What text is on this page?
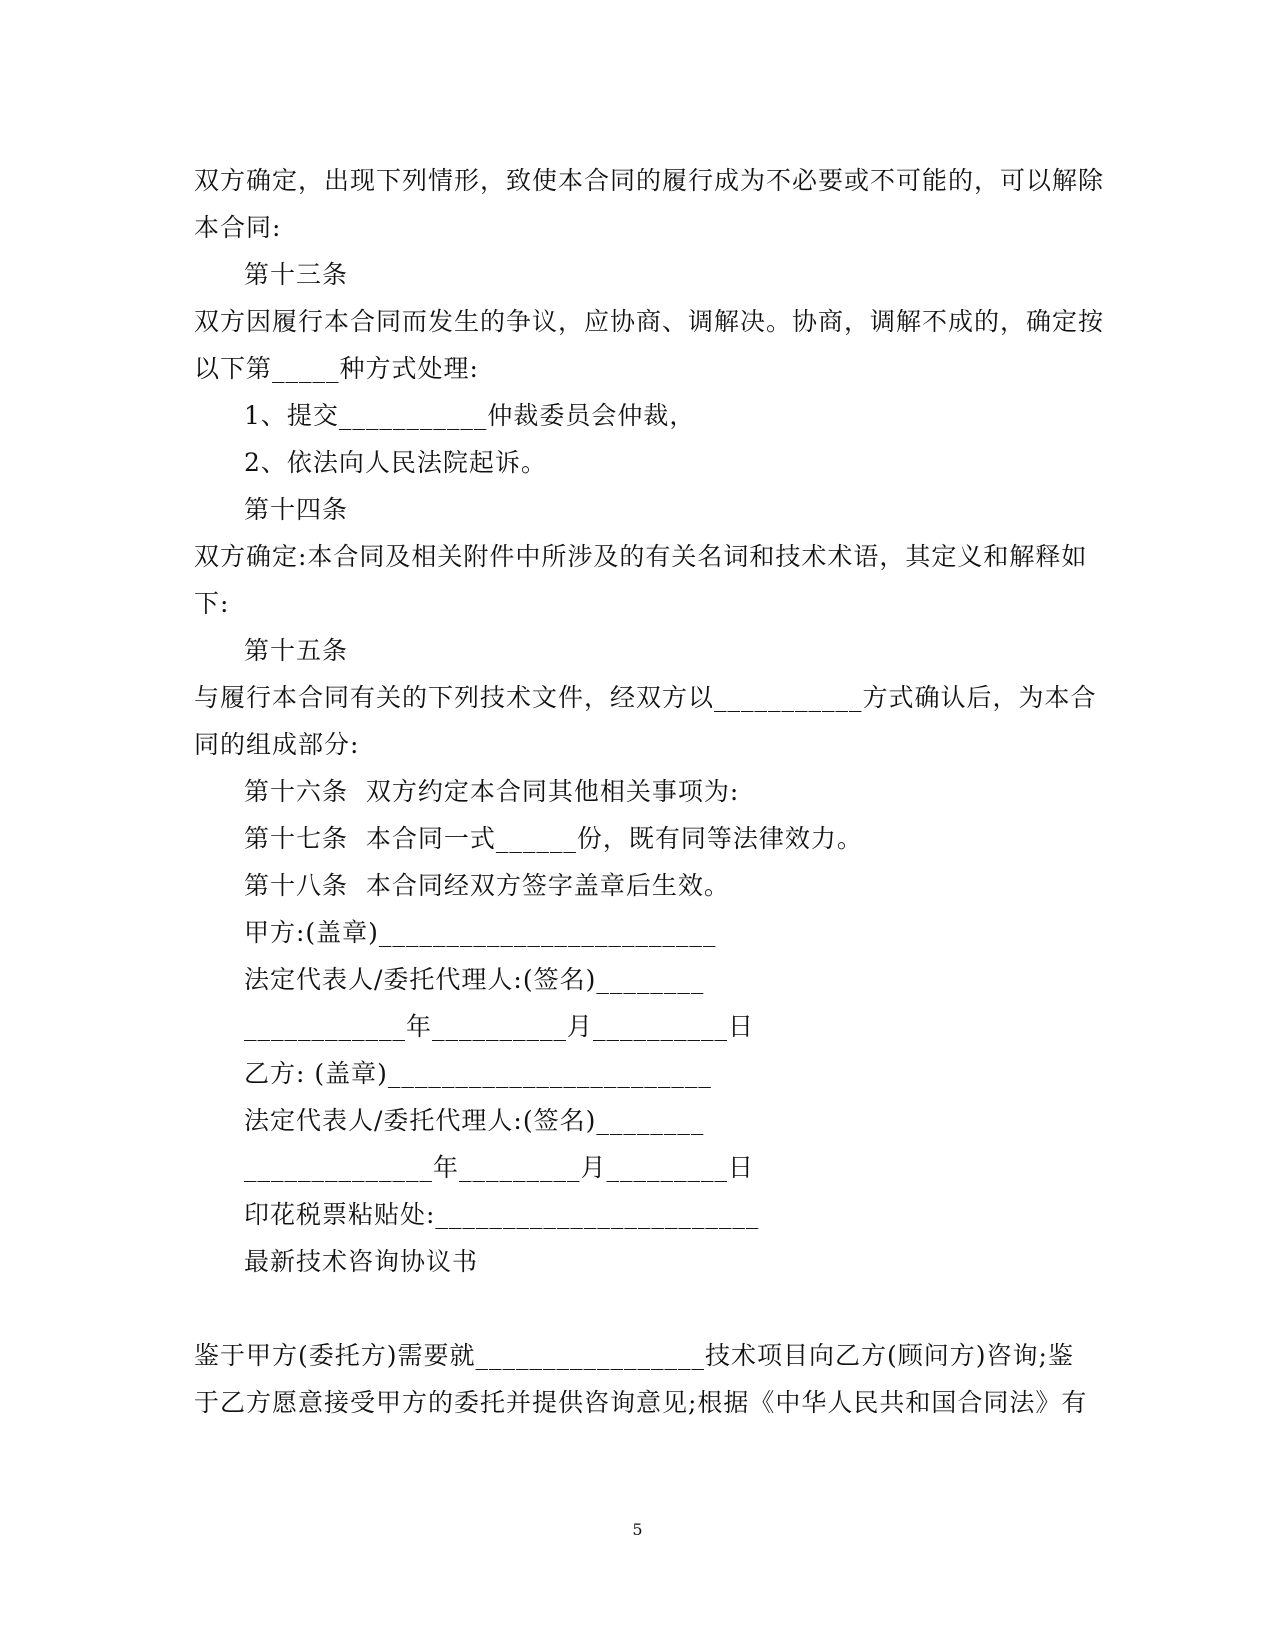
双方确定，出现下列情形，致使本合同的履行成为不必要或不可能的，可以解除
本合同:
第十三条
双方因履行本合同而发生的争议，应协商、调解决。协商，调解不成的，确定按
以下第_____种方式处理:
1、提交___________仲裁委员会仲裁，
2、依法向人民法院起诉。
第十四条
双方确定:本合同及相关附件中所涉及的有关名词和技术术语，其定义和解释如
下:
第十五条
与履行本合同有关的下列技术文件，经双方以___________方式确认后，为本合
同的组成部分:
第十六条  双方约定本合同其他相关事项为:
第十七条  本合同一式______份，既有同等法律效力。
第十八条  本合同经双方签字盖章后生效。
甲方:(盖章)_________________________
法定代表人/委托代理人:(签名)________
____________年__________月__________日
乙方: (盖章)________________________
法定代表人/委托代理人:(签名)________
______________年_________月_________日
印花税票粘贴处:________________________
最新技术咨询协议书
鉴于甲方(委托方)需要就_________________技术项目向乙方(顾问方)咨询;鉴
于乙方愿意接受甲方的委托并提供咨询意见;根据《中华人民共和国合同法》有
5
